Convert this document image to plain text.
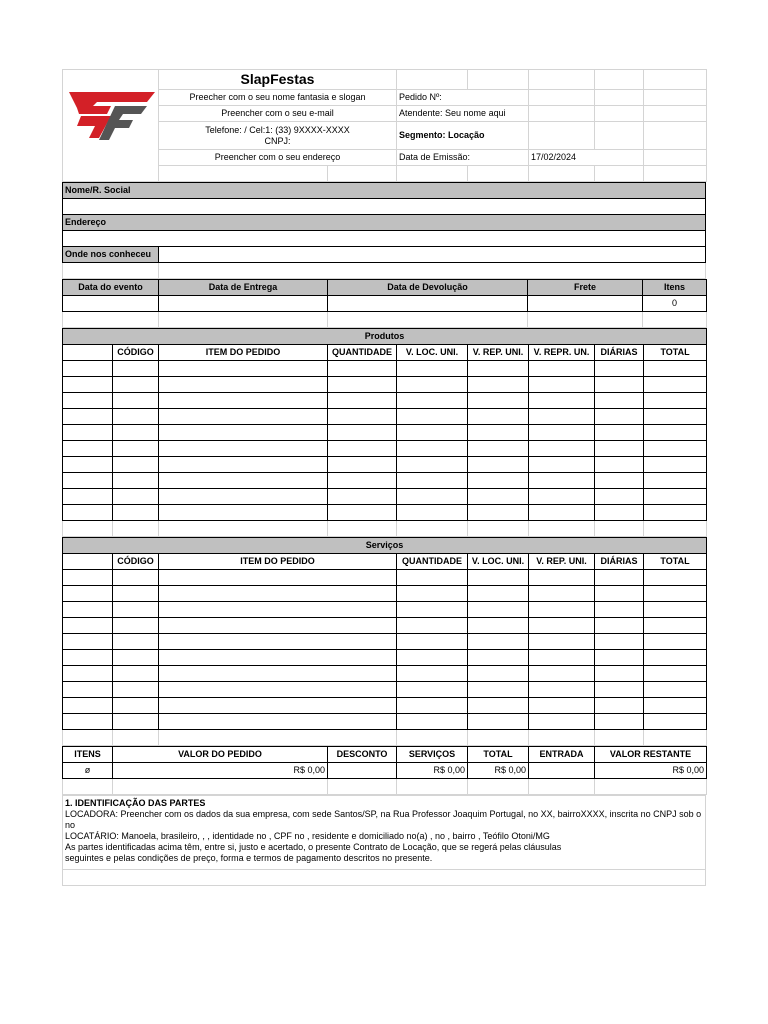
	SlapFestas						
	Preecher com o seu nome fantasia e slogan		Pedido Nº:				
	Preencher com o seu e-mail		Atendente: Seu nome aqui				

	Telefone: / Cel:1: (33) 9XXXX-XXXX
CNPJ:		Segmento: Locação				
	Preencher com o seu endereço		Data de Emissão:		17/02/2024		

Nome/R. Social	

Endereço	

Onde nos conheceu	

Data do evento	Data de Entrega	Data de Devolução	Frete	Itens
				0

Produtos								
	CÓDIGO	ITEM DO PEDIDO	QUANTIDADE	V. LOC. UNI.	V. REP. UNI.	V. REPR. UN.	DIÁRIAS	TOTAL

Serviços							
	CÓDIGO	ITEM DO PEDIDO	QUANTIDADE	V. LOC. UNI.	V. REP. UNI.	DIÁRIAS	TOTAL

ITENS	VALOR DO PEDIDO	DESCONTO	SERVIÇOS	TOTAL	ENTRADA	VALOR RESTANTE
ø	R$ 0,00		R$ 0,00	R$ 0,00		R$ 0,00

1. IDENTIFICAÇÃO DAS PARTES
LOCADORA: Preencher com os dados da sua empresa, com sede Santos/SP, na Rua Professor Joaquim Portugal, no XX, bairroXXXX, inscrita no CNPJ sob o no
LOCATÁRIO: Manoela, brasileiro, , , identidade no , CPF no , residente e domiciliado no(a) , no , bairro , Teófilo Otoni/MG
As partes identificadas acima têm, entre si, justo e acertado, o presente Contrato de Locação, que se regerá pelas cláusulas seguintes e pelas condições de preço, forma e termos de pagamento descritos no presente.
